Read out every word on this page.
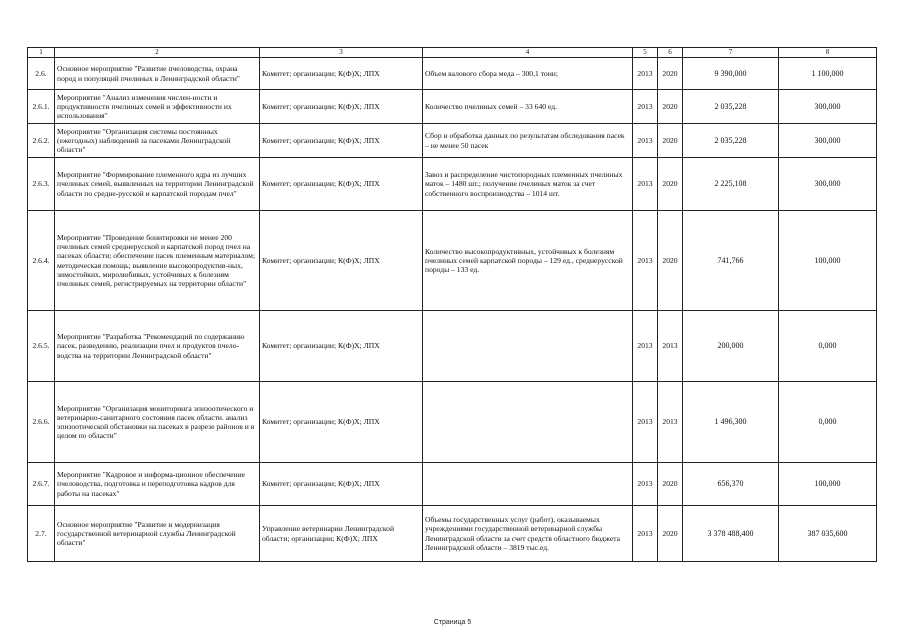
1	2	3	4	5	6	7	8
2.6.	Основное мероприятие "Развитие пчеловодства, охрана пород и популяций пчелиных в Ленинградской области"	Комитет; организации; К(Ф)Х; ЛПХ	Объем валового сбора меда – 300,1 тонн;	2013	2020	9 390,000	1 100,000
2.6.1.	Мероприятие "Анализ изменения числен-ности и продуктивности пчелиных семей и эффективности их использования"	Комитет; организации; К(Ф)Х; ЛПХ	Количество пчелиных семей – 33 640 ед.	2013	2020	2 035,228	300,000
2.6.2.	Мероприятие "Организация системы постоянных (ежегодных) наблюдений за пасеками Ленинградской области"	Комитет; организации; К(Ф)Х; ЛПХ	Сбор и обработка данных по результатам обследования пасек – не менее 50 пасек	2013	2020	2 035,228	300,000
2.6.3.	Мероприятие "Формирование племенного ядра из лучших пчелиных семей, выявленных на территории Ленинградской области по средне-русской и карпатской породам пчел"	Комитет; организации; К(Ф)Х; ЛПХ	Завоз и распределение чистопородных племенных пчелиных маток – 1480 шт.; получение пчелиных маток за счет собственного воспроизводства – 1014 шт.	2013	2020	2 225,108	300,000
2.6.4.	Мероприятие "Проведение бонитировки не менее 200 пчелиных семей среднерусской и карпатской пород пчел на пасеках области; обеспечение пасек племенным материалом; методическая помощь; выявление высокопродуктив-ных, зимостойких, миролюбивых, устойчивых к болезням пчелиных семей, регистрируемых на территории области"	Комитет; организации; К(Ф)Х; ЛПХ	Количество высокопродуктивных, устойчивых к болезням пчелиных семей карпатской породы – 129 ед., среднерусской породы – 133 ед.	2013	2020	741,766	100,000
2.6.5.	Мероприятие "Разработка "Рекомендаций по содержанию пасек, разведению, реализации пчел и продуктов пчело-водства на территории Ленинградской области"	Комитет; организации; К(Ф)Х; ЛПХ		2013	2013	200,000	0,000
2.6.6.	Мероприятие "Организация мониторинга эпизоотического и ветеринарно-санитарного состояния пасек области. анализ эпизоотической обстановки на пасеках в разрезе районов и в целом по области"	Комитет; организации; К(Ф)Х; ЛПХ		2013	2013	1 496,300	0,000
2.6.7.	Мероприятие "Кадровое и информа-ционное обеспечение пчеловодства, подготовка и переподготовка кадров для работы на пасеках"	Комитет; организации; К(Ф)Х; ЛПХ		2013	2020	656,370	100,000
2.7.	Основное мероприятие "Развитие и модернизация государственной ветеринарной службы Ленинградской области"	Управление ветеринарии Ленинградской области; организации; К(Ф)Х; ЛПХ	Объемы государственных услуг (работ), оказываемых учреждениями государственной ветеринарной службы Ленинградской области за счет средств областного бюджета Ленинградской области – 3819 тыс.ед.	2013	2020	3 378 488,400	387 035,600
Страница 5
